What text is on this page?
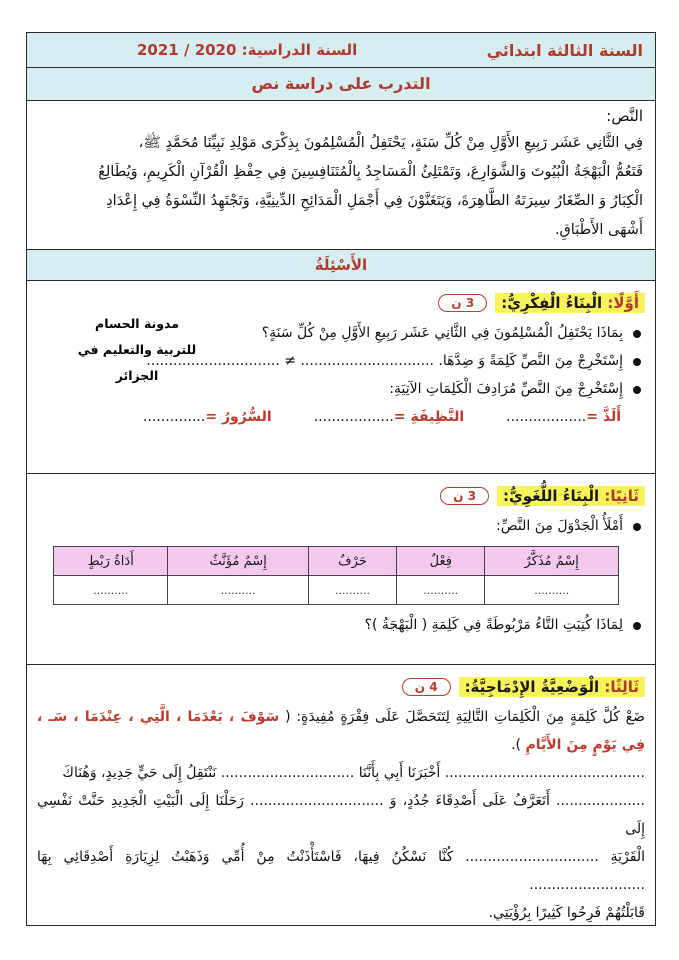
السنة الثالثة ابتدائي
السنة الدراسية: 2020 / 2021
التدرب على دراسة نص
النَّص:
فِي الثَّانِي عَشَر رَبِيعِ الأَوَّلِ مِنْ كُلِّ سَنَةٍ، يَحْتَفِلُ الْمُسْلِمُونَ بِذِكْرَى مَوْلِدِ نَبِيِّنَا مُحَمَّدٍ ﷺ،
فَتَعُمُّ الْبَهْجَةُ الْبُيُوتَ وَالشَّوَارِعَ، وَتَمْتَلِئُ الْمَسَاجِدُ بِالْمُتَنَافِسِينَ فِي حِفْظِ الْقُرْآنِ الْكَرِيمِ، وَيُطَالِعُ
الْكِبَارُ وَ الصِّغَارُ سِيرَتَهُ الطَّاهِرَةَ، وَيَتَغَنَّوْنَ فِي أَجْمَلِ الْمَدَائِحِ الدِّينِيَّةِ، وَتَجْتَهِدُ النِّسْوَةُ فِي إِعْدَادِ
أَشْهَى الأَطْبَاقِ.
الأَسْئِلَةُ
أَوَّلًا: الْبِنَاءُ الْفِكْرِيُّ:
3 ن
مدونة الحسام
للتربية والتعليم في
الجزائر
بِمَاذَا يَحْتَفِلُ الْمُسْلِمُونَ فِي الثَّانِي عَشَر رَبِيعِ الأَوَّلِ مِنْ كُلِّ سَنَةٍ؟
إِسْتَخْرِجْ مِنَ النَّصِّ كَلِمَةً وَ ضِدَّهَا. .............................. ≠ ..............................
إِسْتَخْرِجْ مِنَ النَّصِّ مُرَادِفَ الْكَلِمَاتِ الآتِيَةِ:
أَلَذَّ =..................
النَّظِيفَةِ =..................
السُّرُورُ =..............
ثَانِيًا: الْبِنَاءُ اللُّغَوِيُّ:
3 ن
أَمْلَأُ الْجَدْوَلَ مِنَ النَّصِّ:
إِسْمٌ مُذَكَّرٌ	فِعْلٌ	حَرْفٌ	إِسْمٌ مُؤَنَّثٌ	أَدَاةُ رَبْطٍ
..........	..........	..........	..........	..........
لِمَاذَا كُتِبَتِ التَّاءُ مَرْبُوطَةً فِي كَلِمَةِ ( الْبَهْجَةُ )؟
ثَالِثًا: الْوَضْعِيَّةُ الإِدْمَاجِيَّةُ:
4 ن
ضَعْ كُلَّ كَلِمَةٍ مِنَ الْكَلِمَاتِ التَّالِيَةِ لِتَتَحَصَّلَ عَلَى فِقْرَةٍ مُفِيدَةٍ: ( سَوْفَ ، بَعْدَمَا ، الَّتِي ، عِنْدَمَا ، سَـ ، فِي يَوْمٍ مِنَ الأَيَّامِ ).
............................................. أَخْبَرَنَا أَبِي بِأَنَّنَا .............................. نَنْتَقِلُ إِلَى حَيٍّ جَدِيدٍ، وَهُنَاكَ
.................... أَتَعَرَّفُ عَلَى أَصْدِقَاءَ جُدُدٍ، وَ .............................. رَحَلْنَا إِلَى الْبَيْتِ الْجَدِيدِ حَنَّتْ نَفْسِي إِلَى
الْقَرْيَةِ .............................. كُنَّا نَسْكُنُ فِيهَا، فَاسْتَأْذَنْتُ مِنْ أُمِّي وَذَهَبْتُ لِزِيَارَةِ أَصْدِقَائِي بِهَا ..........................
قَابَلْتُهُمْ فَرِحُوا كَثِيرًا بِرُؤْيَتِي.
